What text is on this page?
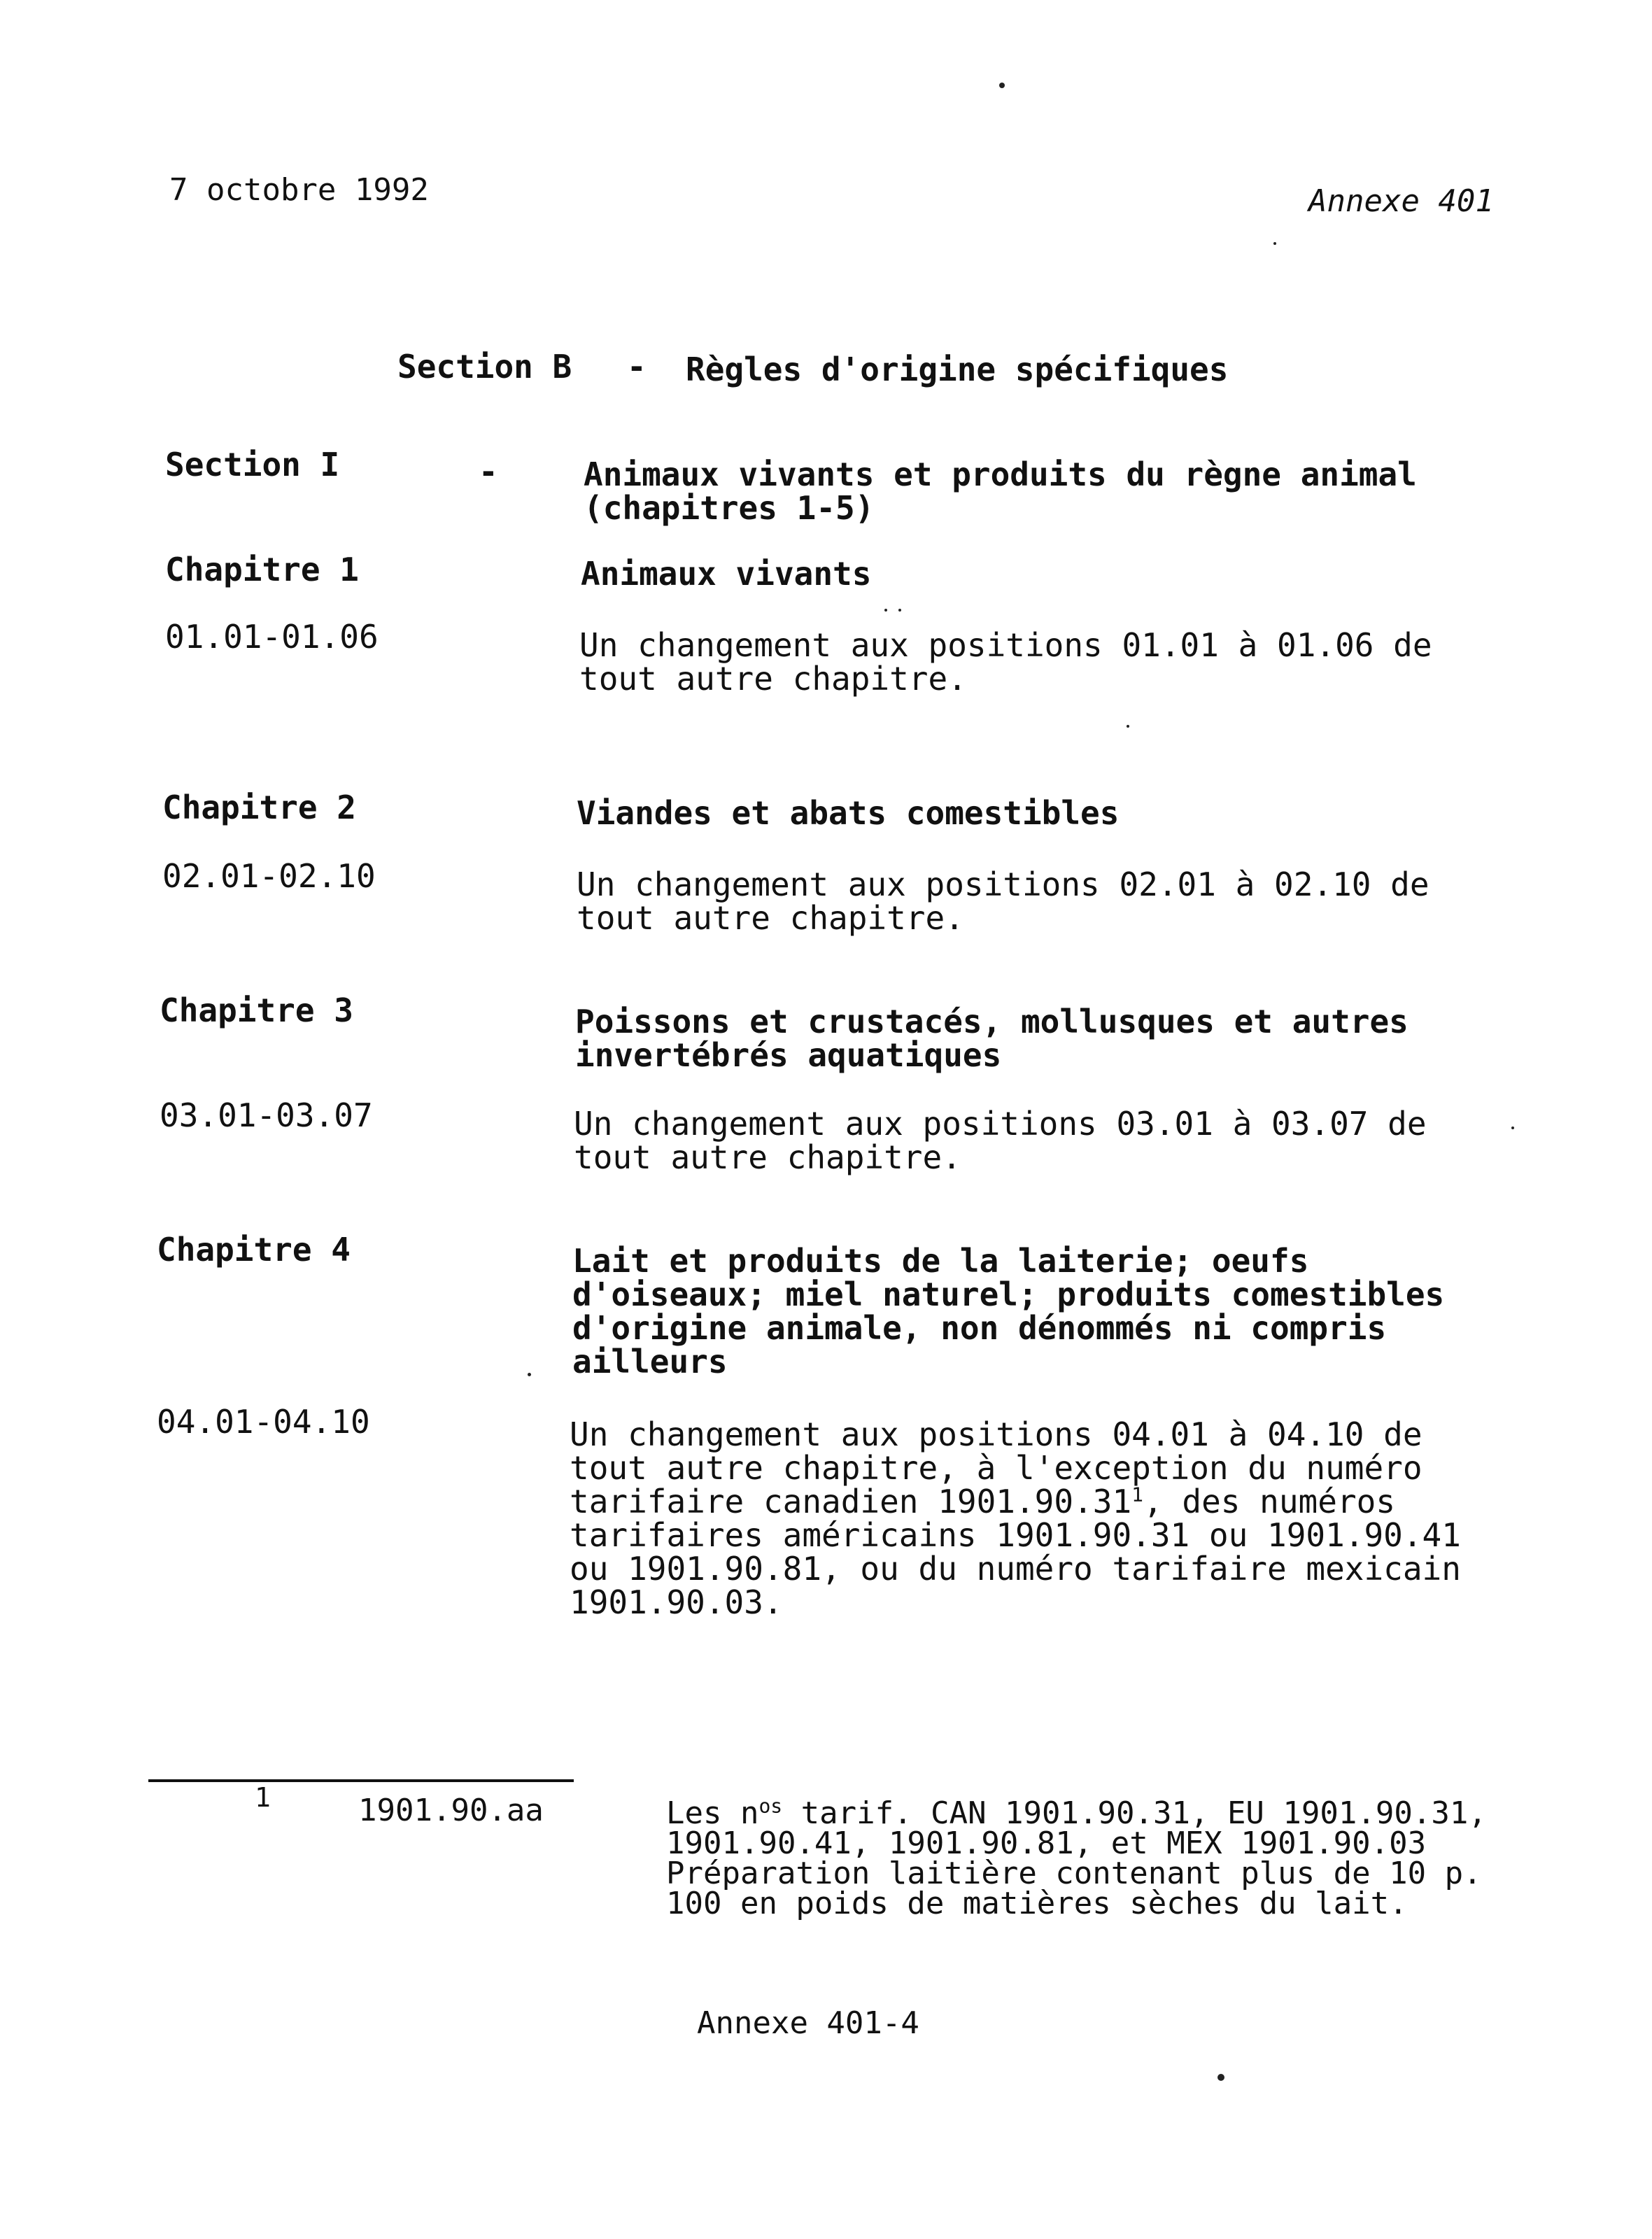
7 octobre 1992	Annexe 401
Section B - Règles d'origine spécifiques
Section I	-	Animaux vivants et produits du règne animal (chapitres 1-5)
Chapitre 1	Animaux vivants
01.01-01.06	Un changement aux positions 01.01 à 01.06 de tout autre chapitre.
Chapitre 2	Viandes et abats comestibles
02.01-02.10	Un changement aux positions 02.01 à 02.10 de tout autre chapitre.
Chapitre 3	Poissons et crustacés, mollusques et autres invertébrés aquatiques
03.01-03.07	Un changement aux positions 03.01 à 03.07 de tout autre chapitre.
Chapitre 4	Lait et produits de la laiterie; oeufs d'oiseaux; miel naturel; produits comestibles d'origine animale, non dénommés ni compris ailleurs
04.01-04.10	Un changement aux positions 04.01 à 04.10 de tout autre chapitre, à l'exception du numéro tarifaire canadien 1901.90.31$^1$, des numéros tarifaires américains 1901.90.31 ou 1901.90.41 ou 1901.90.81, ou du numéro tarifaire mexicain 1901.90.03.
1	1901.90.aa	Les $n^{os}$ tarif. CAN 1901.90.31, EU 1901.90.31, 1901.90.41, 1901.90.81, et MEX 1901.90.03 Préparation laitière contenant plus de 10 p. 100 en poids de matières sèches du lait.
Annexe 401-4
